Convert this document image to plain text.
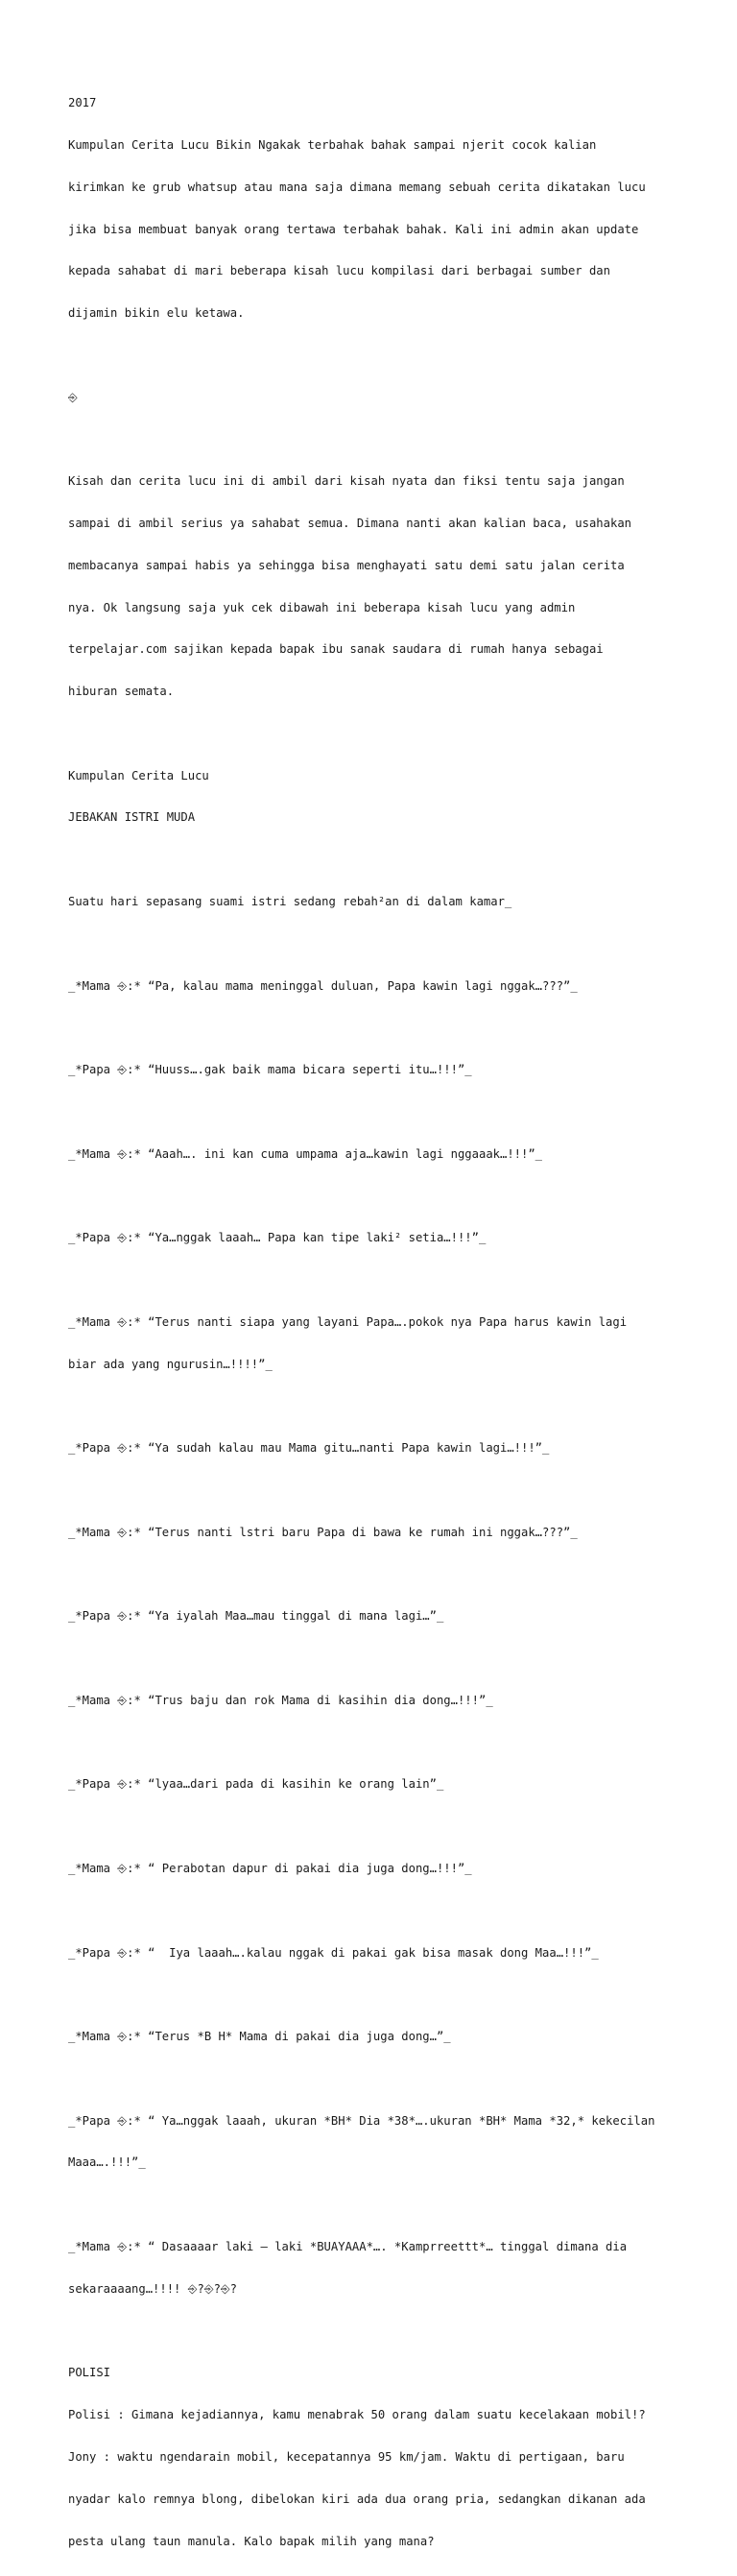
2017

Kumpulan Cerita Lucu Bikin Ngakak terbahak bahak sampai njerit cocok kalian

kirimkan ke grub whatsup atau mana saja dimana memang sebuah cerita dikatakan lucu

jika bisa membuat banyak orang tertawa terbahak bahak. Kali ini admin akan update

kepada sahabat di mari beberapa kisah lucu kompilasi dari berbagai sumber dan

dijamin bikin elu ketawa.

⎆

Kisah dan cerita lucu ini di ambil dari kisah nyata dan fiksi tentu saja jangan

sampai di ambil serius ya sahabat semua. Dimana nanti akan kalian baca, usahakan

membacanya sampai habis ya sehingga bisa menghayati satu demi satu jalan cerita

nya. Ok langsung saja yuk cek dibawah ini beberapa kisah lucu yang admin

terpelajar.com sajikan kepada bapak ibu sanak saudara di rumah hanya sebagai

hiburan semata.

Kumpulan Cerita Lucu

JEBAKAN ISTRI MUDA

Suatu hari sepasang suami istri sedang rebah²an di dalam kamar_

_*Mama ⎆:* “Pa, kalau mama meninggal duluan, Papa kawin lagi nggak…???”_

_*Papa ⎆:* “Huuss….gak baik mama bicara seperti itu…!!!”_

_*Mama ⎆:* “Aaah…. ini kan cuma umpama aja…kawin lagi nggaaak…!!!”_

_*Papa ⎆:* “Ya…nggak laaah… Papa kan tipe laki² setia…!!!”_

_*Mama ⎆:* “Terus nanti siapa yang layani Papa….pokok nya Papa harus kawin lagi

biar ada yang ngurusin…!!!!”_

_*Papa ⎆:* “Ya sudah kalau mau Mama gitu…nanti Papa kawin lagi…!!!”_

_*Mama ⎆:* “Terus nanti lstri baru Papa di bawa ke rumah ini nggak…???”_

_*Papa ⎆:* “Ya iyalah Maa…mau tinggal di mana lagi…”_

_*Mama ⎆:* “Trus baju dan rok Mama di kasihin dia dong…!!!”_

_*Papa ⎆:* “lyaa…dari pada di kasihin ke orang lain”_

_*Mama ⎆:* “ Perabotan dapur di pakai dia juga dong…!!!”_

_*Papa ⎆:* “  Iya laaah….kalau nggak di pakai gak bisa masak dong Maa…!!!”_

_*Mama ⎆:* “Terus *B H* Mama di pakai dia juga dong…”_

_*Papa ⎆:* “ Ya…nggak laaah, ukuran *BH* Dia *38*….ukuran *BH* Mama *32,* kekecilan

Maaa….!!!”_

_*Mama ⎆:* “ Dasaaaar laki – laki *BUAYAAA*…. *Kamprreettt*… tinggal dimana dia

sekaraaaang…!!!! ⎆?⎆?⎆?

POLISI

Polisi : Gimana kejadiannya, kamu menabrak 50 orang dalam suatu kecelakaan mobil!?

Jony : waktu ngendarain mobil, kecepatannya 95 km/jam. Waktu di pertigaan, baru

nyadar kalo remnya blong, dibelokan kiri ada dua orang pria, sedangkan dikanan ada

pesta ulang taun manula. Kalo bapak milih yang mana?
